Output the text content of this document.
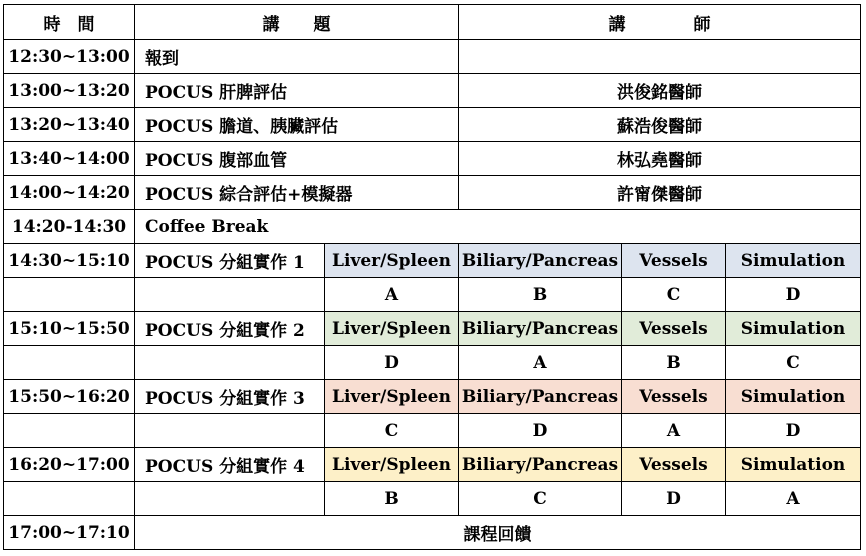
時　間	講　　題		講　　　　師		
12:30~13:00	報到				
13:00~13:20	POCUS 肝脾評估		洪俊銘醫師		
13:20~13:40	POCUS 膽道、胰臟評估		蘇浩俊醫師		
13:40~14:00	POCUS 腹部血管		林弘堯醫師		
14:00~14:20	POCUS 綜合評估+模擬器		許甯傑醫師		
14:20-14:30	Coffee Break				
14:30~15:10	POCUS 分組實作 1	Liver/Spleen	Biliary/Pancreas	Vessels	Simulation
		A	B	C	D
15:10~15:50	POCUS 分組實作 2	Liver/Spleen	Biliary/Pancreas	Vessels	Simulation
		D	A	B	C
15:50~16:20	POCUS 分組實作 3	Liver/Spleen	Biliary/Pancreas	Vessels	Simulation
		C	D	A	D
16:20~17:00	POCUS 分組實作 4	Liver/Spleen	Biliary/Pancreas	Vessels	Simulation
		B	C	D	A
17:00~17:10	課程回饋				
